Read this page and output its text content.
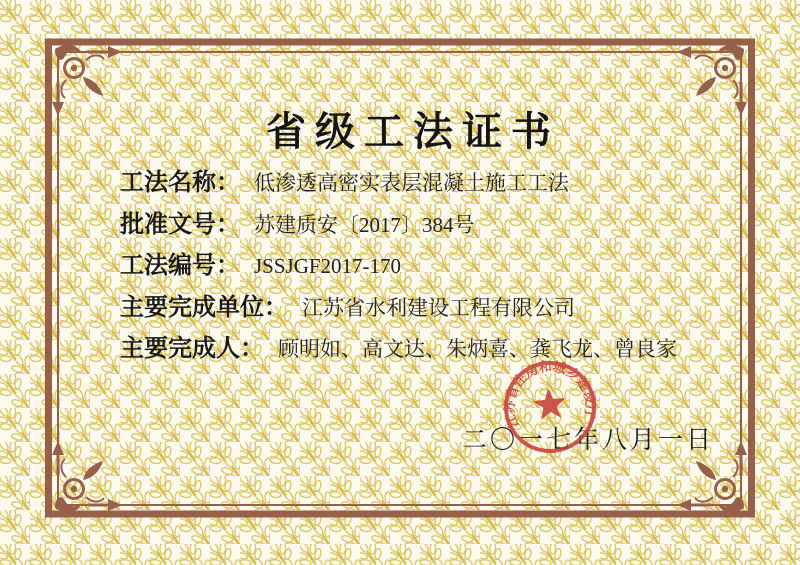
省级工法证书
工法名称： 低渗透高密实表层混凝土施工工法
批准文号： 苏建质安〔2017〕384号
工法编号： JSSJGF2017-170
主要完成单位： 江苏省水利建设工程有限公司
主要完成人： 顾明如、高文达、朱炳喜、龚飞龙、曾良家
二〇一七年八月一日
江苏省住房和城乡建设厅
